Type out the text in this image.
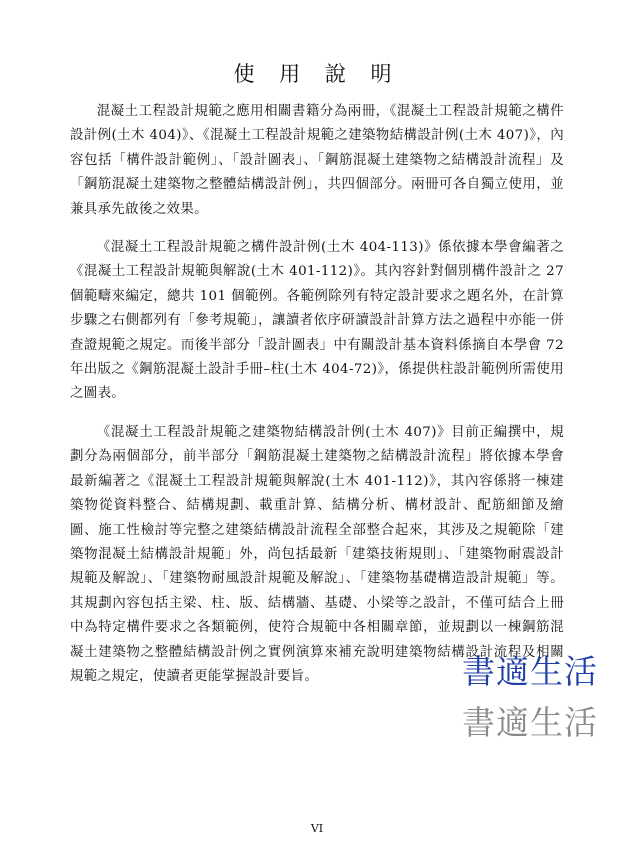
使 用 說 明

混凝土工程設計規範之應用相關書籍分為兩冊，《混凝土工程設計規範之構件設計例(土木 404)》、《混凝土工程設計規範之建築物結構設計例(土木 407)》，內容包括「構件設計範例」、「設計圖表」、「鋼筋混凝土建築物之結構設計流程」及「鋼筋混凝土建築物之整體結構設計例」，共四個部分。兩冊可各自獨立使用，並兼具承先啟後之效果。

《混凝土工程設計規範之構件設計例(土木 404-113)》係依據本學會編著之《混凝土工程設計規範與解說(土木 401-112)》。其內容針對個別構件設計之 27 個範疇來編定，總共 101 個範例。各範例除列有特定設計要求之題名外，在計算步驟之右側都列有「參考規範」，讓讀者依序研讀設計計算方法之過程中亦能一併查證規範之規定。而後半部分「設計圖表」中有關設計基本資料係摘自本學會 72 年出版之《鋼筋混凝土設計手冊–柱(土木 404-72)》，係提供柱設計範例所需使用之圖表。

《混凝土工程設計規範之建築物結構設計例(土木 407)》目前正編撰中，規劃分為兩個部分，前半部分「鋼筋混凝土建築物之結構設計流程」將依據本學會最新編著之《混凝土工程設計規範與解說(土木 401-112)》，其內容係將一棟建築物從資料整合、結構規劃、載重計算、結構分析、構材設計、配筋細節及繪圖、施工性檢討等完整之建築結構設計流程全部整合起來，其涉及之規範除「建築物混凝土結構設計規範」外，尚包括最新「建築技術規則」、「建築物耐震設計規範及解說」、「建築物耐風設計規範及解說」、「建築物基礎構造設計規範」等。其規劃內容包括主梁、柱、版、結構牆、基礎、小梁等之設計，不僅可結合上冊中為特定構件要求之各類範例，使符合規範中各相關章節，並規劃以一棟鋼筋混凝土建築物之整體結構設計例之實例演算來補充說明建築物結構設計流程及相關規範之規定，使讀者更能掌握設計要旨。	書適生活
書適生活
VI
